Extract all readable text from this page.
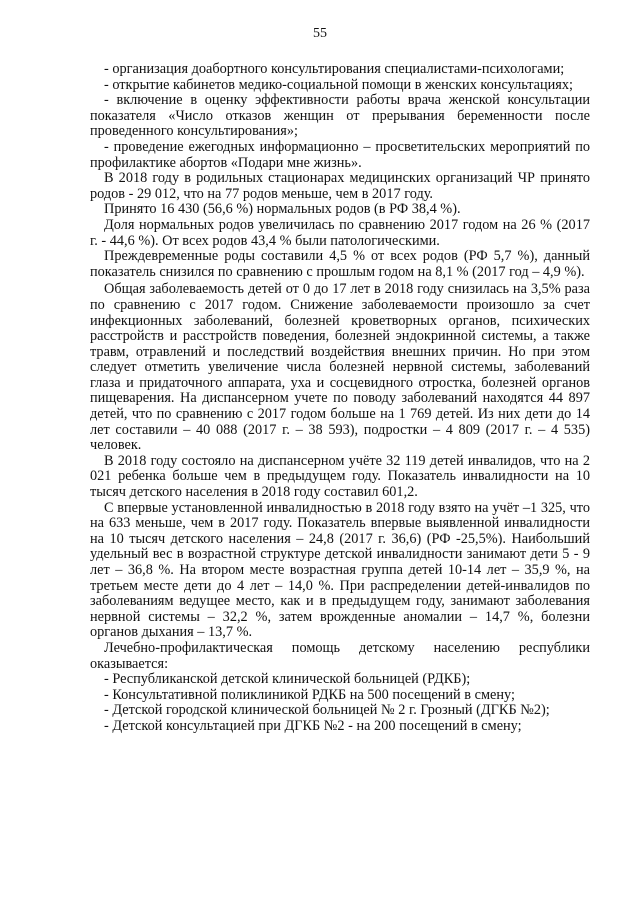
55

- организация доабортного консультирования специалистами-психологами;

- открытие кабинетов медико-социальной помощи в женских консультациях;

- включение в оценку эффективности работы врача женской консультации показателя «Число отказов женщин от прерывания беременности после проведенного консультирования»;

- проведение ежегодных информационно – просветительских мероприятий по профилактике абортов «Подари мне жизнь».

В 2018 году в родильных стационарах медицинских организаций ЧР принято родов - 29 012, что на 77 родов меньше, чем в 2017 году.

Принято 16 430 (56,6 %) нормальных родов (в РФ 38,4 %).

Доля нормальных родов увеличилась по сравнению 2017 годом на 26 % (2017 г. - 44,6 %). От всех родов 43,4 % были патологическими.

Преждевременные роды составили 4,5 % от всех родов (РФ 5,7 %), данный показатель снизился по сравнению с прошлым годом на 8,1 % (2017 год – 4,9 %).

Общая заболеваемость детей от 0 до 17 лет в 2018 году снизилась на 3,5% раза по сравнению с 2017 годом. Снижение заболеваемости произошло за счет инфекционных заболеваний, болезней кроветворных органов, психических расстройств и расстройств поведения, болезней эндокринной системы, а также травм, отравлений и последствий воздействия внешних причин. Но при этом следует отметить увеличение числа болезней нервной системы, заболеваний глаза и придаточного аппарата, уха и сосцевидного отростка, болезней органов пищеварения. На диспансерном учете по поводу заболеваний находятся 44 897 детей, что по сравнению с 2017 годом больше на 1 769 детей. Из них дети до 14 лет составили – 40 088 (2017 г. – 38 593), подростки – 4 809 (2017 г. – 4 535) человек.

В 2018 году состояло на диспансерном учёте 32 119 детей инвалидов, что на 2 021 ребенка больше чем в предыдущем году. Показатель инвалидности на 10 тысяч детского населения в 2018 году составил 601,2.

С впервые установленной инвалидностью в 2018 году взято на учёт –1 325, что на 633 меньше, чем в 2017 году. Показатель впервые выявленной инвалидности на 10 тысяч детского населения – 24,8 (2017 г. 36,6) (РФ -25,5%). Наибольший удельный вес в возрастной структуре детской инвалидности занимают дети 5 - 9 лет – 36,8 %. На втором месте возрастная группа детей 10-14 лет – 35,9 %, на третьем месте дети до 4 лет – 14,0 %. При распределении детей-инвалидов по заболеваниям ведущее место, как и в предыдущем году, занимают заболевания нервной системы – 32,2 %, затем врожденные аномалии – 14,7 %, болезни органов дыхания – 13,7 %.

Лечебно-профилактическая помощь детскому населению республики оказывается:

- Республиканской детской клинической больницей (РДКБ);

- Консультативной поликлиникой РДКБ на 500 посещений в смену;

- Детской городской клинической больницей № 2 г. Грозный (ДГКБ №2);

- Детской консультацией при ДГКБ №2 - на 200 посещений в смену;
